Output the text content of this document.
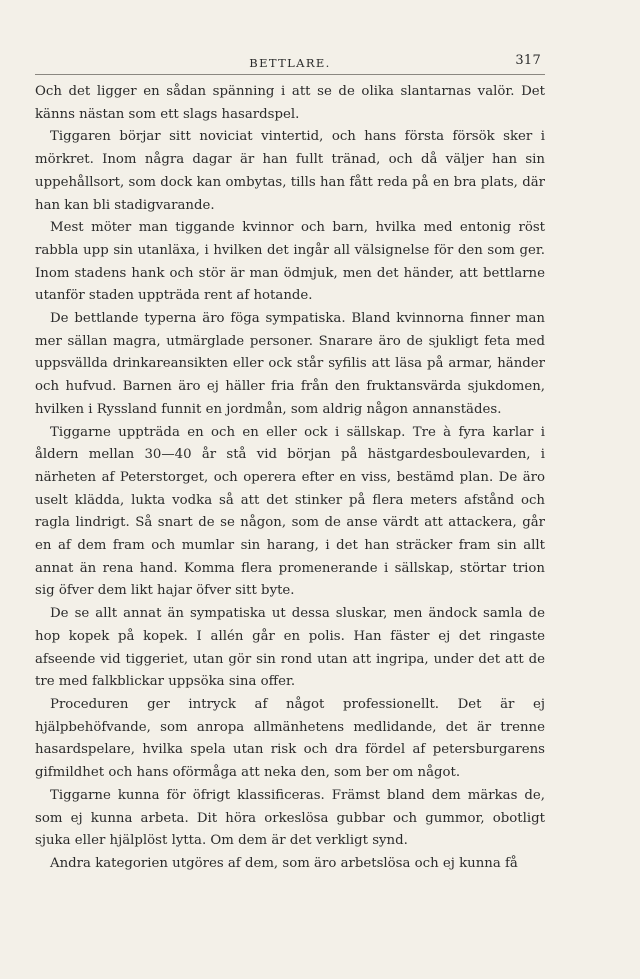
BETTLARE.	317

Och det ligger en sådan spänning i att se de olika slantarnas valör. Det känns nästan som ett slags hasardspel.

Tiggaren börjar sitt noviciat vintertid, och hans första försök sker i mörkret. Inom några dagar är han fullt tränad, och då väljer han sin uppehållsort, som dock kan ombytas, tills han fått reda på en bra plats, där han kan bli stadigvarande.

Mest möter man tiggande kvinnor och barn, hvilka med entonig röst rabbla upp sin utanläxa, i hvilken det ingår all välsignelse för den som ger. Inom stadens hank och stör är man ödmjuk, men det händer, att bettlarne utanför staden uppträda rent af hotande.

De bettlande typerna äro föga sympatiska. Bland kvinnorna finner man mer sällan magra, utmärglade personer. Snarare äro de sjukligt feta med uppsvällda drinkareansikten eller ock står syfilis att läsa på armar, händer och hufvud. Barnen äro ej häller fria från den fruktansvärda sjukdomen, hvilken i Ryssland funnit en jordmån, som aldrig någon annanstädes.

Tiggarne uppträda en och en eller ock i sällskap. Tre à fyra karlar i åldern mellan 30—40 år stå vid början på hästgardesboulevarden, i närheten af Peterstorget, och operera efter en viss, bestämd plan. De äro uselt klädda, lukta vodka så att det stinker på flera meters afstånd och ragla lindrigt. Så snart de se någon, som de anse värdt att attackera, går en af dem fram och mumlar sin harang, i det han sträcker fram sin allt annat än rena hand. Komma flera promenerande i sällskap, störtar trion sig öfver dem likt hajar öfver sitt byte.

De se allt annat än sympatiska ut dessa sluskar, men ändock samla de hop kopek på kopek. I allén går en polis. Han fäster ej det ringaste afseende vid tiggeriet, utan gör sin rond utan att ingripa, under det att de tre med falkblickar uppsöka sina offer.

Proceduren ger intryck af något professionellt. Det är ej hjälpbehöfvande, som anropa allmänhetens medlidande, det är trenne hasardspelare, hvilka spela utan risk och dra fördel af petersburgarens gifmildhet och hans oförmåga att neka den, som ber om något.

Tiggarne kunna för öfrigt klassificeras. Främst bland dem märkas de, som ej kunna arbeta. Dit höra orkeslösa gubbar och gummor, obotligt sjuka eller hjälplöst lytta. Om dem är det verkligt synd.

Andra kategorien utgöres af dem, som äro arbetslösa och ej kunna få
